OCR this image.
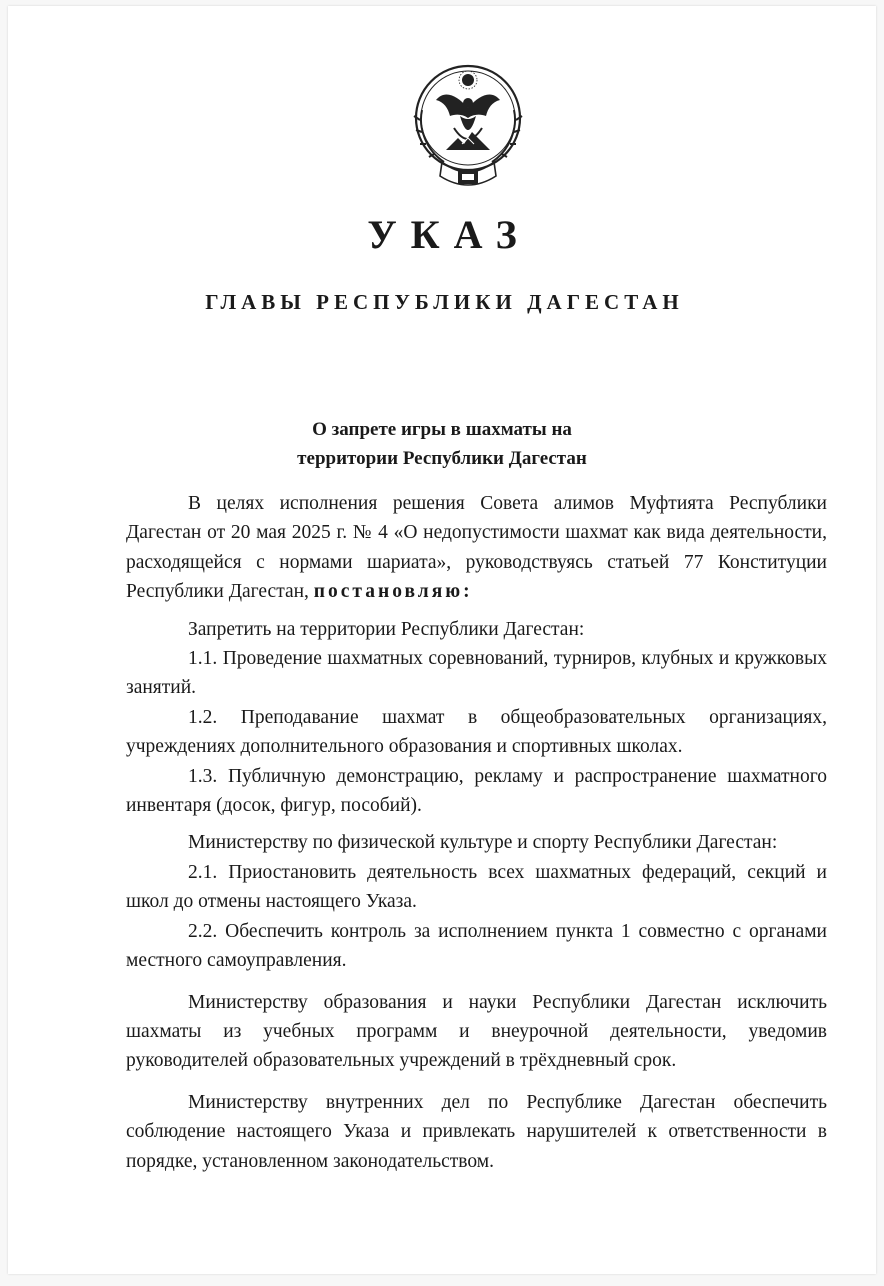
УКАЗ
ГЛАВЫ РЕСПУБЛИКИ ДАГЕСТАН
О запрете игры в шахматы на
территории Республики Дагестан

В целях исполнения решения Совета алимов Муфтията Республики Дагестан от 20 мая 2025 г. № 4 «О недопустимости шахмат как вида деятельности, расходящейся с нормами шариата», руководствуясь статьей 77 Конституции Республики Дагестан, постановляю:

Запретить на территории Республики Дагестан:

1.1. Проведение шахматных соревнований, турниров, клубных и кружковых занятий.

1.2. Преподавание шахмат в общеобразовательных организациях, учреждениях дополнительного образования и спортивных школах.

1.3. Публичную демонстрацию, рекламу и распространение шахматного инвентаря (досок, фигур, пособий).

Министерству по физической культуре и спорту Республики Дагестан:

2.1. Приостановить деятельность всех шахматных федераций, секций и школ до отмены настоящего Указа.

2.2. Обеспечить контроль за исполнением пункта 1 совместно с органами местного самоуправления.

Министерству образования и науки Республики Дагестан исключить шахматы из учебных программ и внеурочной деятельности, уведомив руководителей образовательных учреждений в трёхдневный срок.

Министерству внутренних дел по Республике Дагестан обеспечить соблюдение настоящего Указа и привлекать нарушителей к ответственности в порядке, установленном законодательством.
